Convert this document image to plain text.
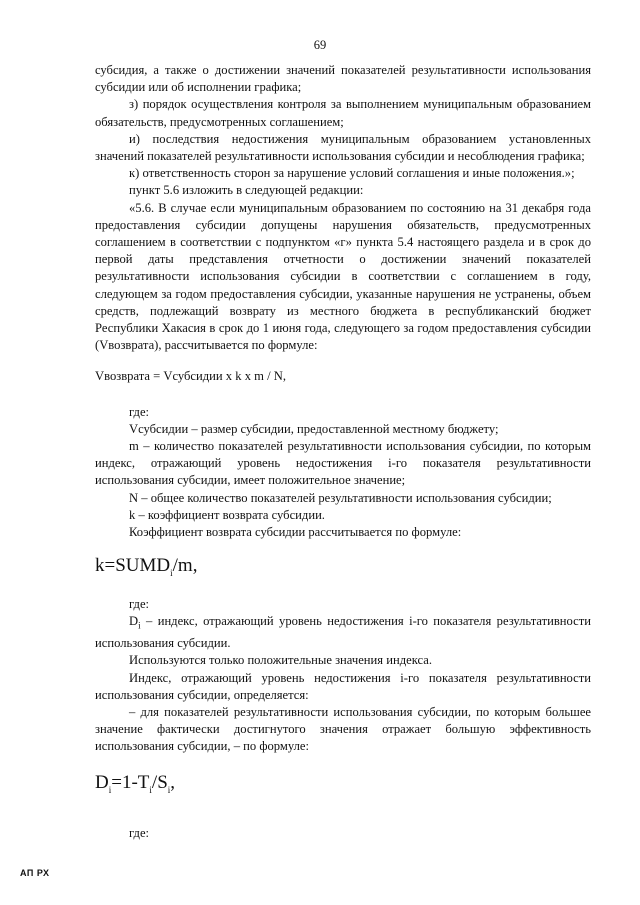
69

субсидия, а также о достижении значений показателей результативности использования субсидии или об исполнении графика;

з) порядок осуществления контроля за выполнением муниципальным образованием обязательств, предусмотренных соглашением;

и) последствия недостижения муниципальным образованием установленных значений показателей результативности использования субсидии и несоблюдения графика;

к) ответственность сторон за нарушение условий соглашения и иные положения.»;

пункт 5.6 изложить в следующей редакции:

«5.6. В случае если муниципальным образованием по состоянию на 31 декабря года предоставления субсидии допущены нарушения обязательств, предусмотренных соглашением в соответствии с подпунктом «г» пункта 5.4 настоящего раздела и в срок до первой даты представления отчетности о достижении значений показателей результативности использования субсидии в соответствии с соглашением в году, следующем за годом предоставления субсидии, указанные нарушения не устранены, объем средств, подлежащий возврату из местного бюджета в республиканский бюджет Республики Хакасия в срок до 1 июня года, следующего за годом предоставления субсидии (Vвозврата), рассчитывается по формуле:

Vвозврата = Vсубсидии x k x m / N,

где:

Vсубсидии – размер субсидии, предоставленной местному бюджету;

m – количество показателей результативности использования субсидии, по которым индекс, отражающий уровень недостижения i-го показателя результативности использования субсидии, имеет положительное значение;

N – общее количество показателей результативности использования субсидии;

k – коэффициент возврата субсидии.

Коэффициент возврата субсидии рассчитывается по формуле:

$k=SUMD_i/m$,

где:

$D_i$ – индекс, отражающий уровень недостижения i-го показателя результативности использования субсидии.

Используются только положительные значения индекса.

Индекс, отражающий уровень недостижения i-го показателя результативности использования субсидии, определяется:

– для показателей результативности использования субсидии, по которым большее значение фактически достигнутого значения отражает большую эффективность использования субсидии, – по формуле:

$D_i=1-T_i/S_i$,

где:

АП РХ
